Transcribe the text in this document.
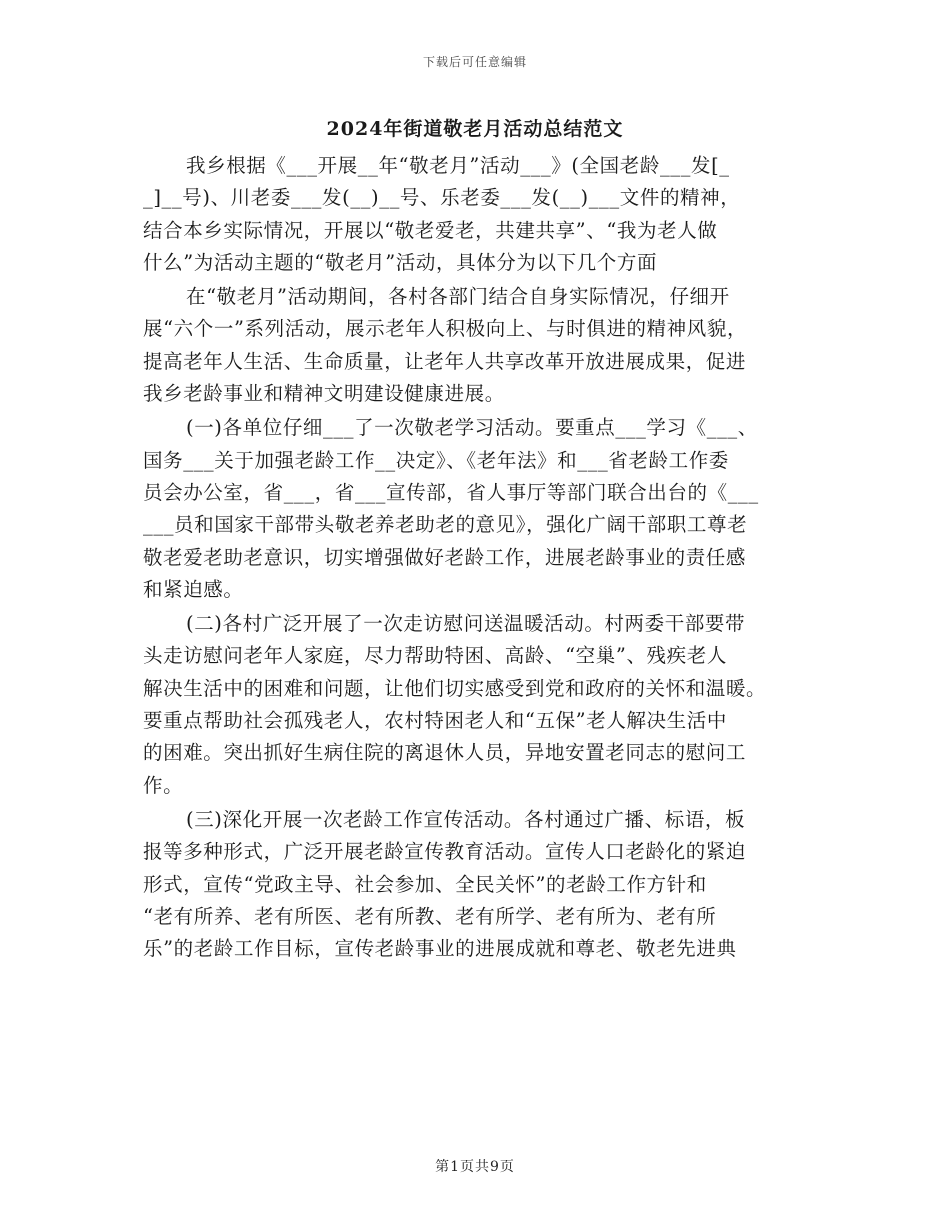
下载后可任意编辑
2024年街道敬老月活动总结范文
我乡根据《___开展__年“敬老月”活动___》(全国老龄___发[_
_]__号)、川老委___发(__)__号、乐老委___发(__)___文件的精神，
结合本乡实际情况，开展以“敬老爱老，共建共享”、“我为老人做
什么”为活动主题的“敬老月”活动，具体分为以下几个方面
在“敬老月”活动期间，各村各部门结合自身实际情况，仔细开
展“六个一”系列活动，展示老年人积极向上、与时俱进的精神风貌，
提高老年人生活、生命质量，让老年人共享改革开放进展成果，促进
我乡老龄事业和精神文明建设健康进展。
(一)各单位仔细___了一次敬老学习活动。要重点___学习《___、
国务___关于加强老龄工作__决定》、《老年法》和___省老龄工作委
员会办公室，省___，省___宣传部，省人事厅等部门联合出台的《___
___员和国家干部带头敬老养老助老的意见》，强化广阔干部职工尊老
敬老爱老助老意识，切实增强做好老龄工作，进展老龄事业的责任感
和紧迫感。
(二)各村广泛开展了一次走访慰问送温暖活动。村两委干部要带
头走访慰问老年人家庭，尽力帮助特困、高龄、“空巢”、残疾老人
解决生活中的困难和问题，让他们切实感受到党和政府的关怀和温暖。
要重点帮助社会孤残老人，农村特困老人和“五保”老人解决生活中
的困难。突出抓好生病住院的离退休人员，异地安置老同志的慰问工
作。
(三)深化开展一次老龄工作宣传活动。各村通过广播、标语，板
报等多种形式，广泛开展老龄宣传教育活动。宣传人口老龄化的紧迫
形式，宣传“党政主导、社会参加、全民关怀”的老龄工作方针和
“老有所养、老有所医、老有所教、老有所学、老有所为、老有所
乐”的老龄工作目标，宣传老龄事业的进展成就和尊老、敬老先进典
第1页共9页
